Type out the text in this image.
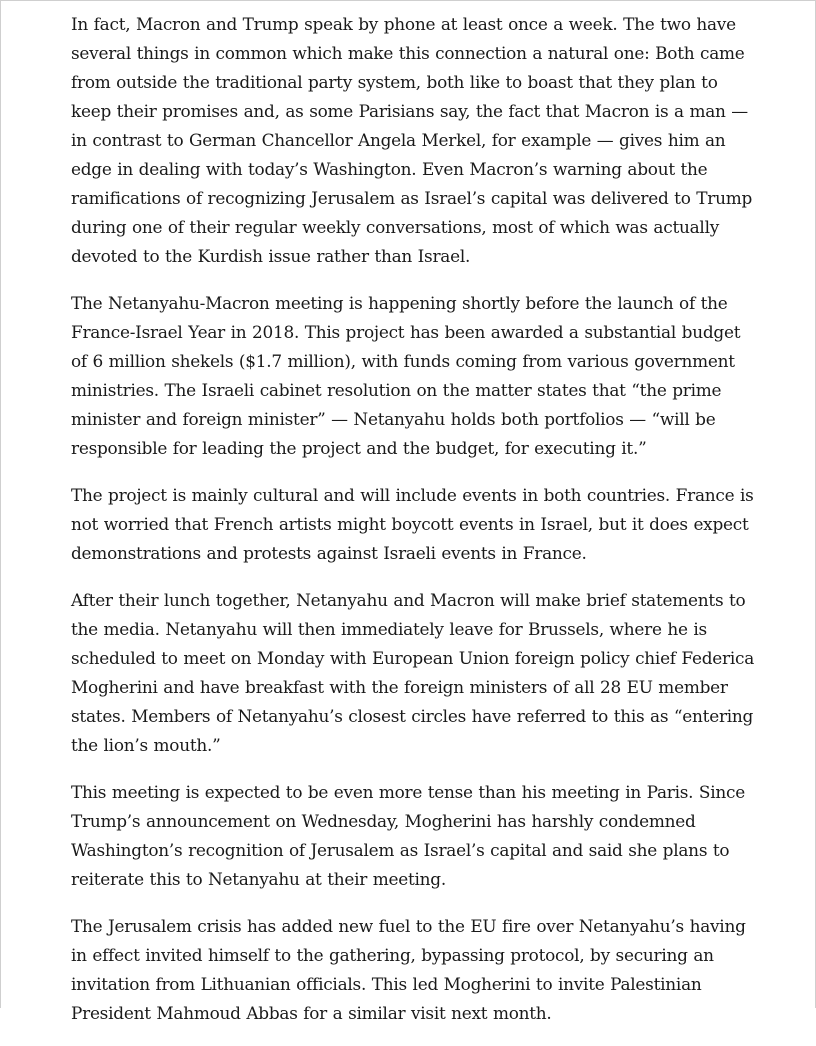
In fact, Macron and Trump speak by phone at least once a week. The two have several things in common which make this connection a natural one: Both came from outside the traditional party system, both like to boast that they plan to keep their promises and, as some Parisians say, the fact that Macron is a man — in contrast to German Chancellor Angela Merkel, for example — gives him an edge in dealing with today’s Washington. Even Macron’s warning about the ramifications of recognizing Jerusalem as Israel’s capital was delivered to Trump during one of their regular weekly conversations, most of which was actually devoted to the Kurdish issue rather than Israel.

The Netanyahu-Macron meeting is happening shortly before the launch of the France-Israel Year in 2018. This project has been awarded a substantial budget of 6 million shekels ($1.7 million), with funds coming from various government ministries. The Israeli cabinet resolution on the matter states that “the prime minister and foreign minister” — Netanyahu holds both portfolios — “will be responsible for leading the project and the budget, for executing it.”

The project is mainly cultural and will include events in both countries. France is not worried that French artists might boycott events in Israel, but it does expect demonstrations and protests against Israeli events in France.

After their lunch together, Netanyahu and Macron will make brief statements to the media. Netanyahu will then immediately leave for Brussels, where he is scheduled to meet on Monday with European Union foreign policy chief Federica Mogherini and have breakfast with the foreign ministers of all 28 EU member states. Members of Netanyahu’s closest circles have referred to this as “entering the lion’s mouth.”

This meeting is expected to be even more tense than his meeting in Paris. Since Trump’s announcement on Wednesday, Mogherini has harshly condemned Washington’s recognition of Jerusalem as Israel’s capital and said she plans to reiterate this to Netanyahu at their meeting.

The Jerusalem crisis has added new fuel to the EU fire over Netanyahu’s having in effect invited himself to the gathering, bypassing protocol, by securing an invitation from Lithuanian officials. This led Mogherini to invite Palestinian President Mahmoud Abbas for a similar visit next month.
